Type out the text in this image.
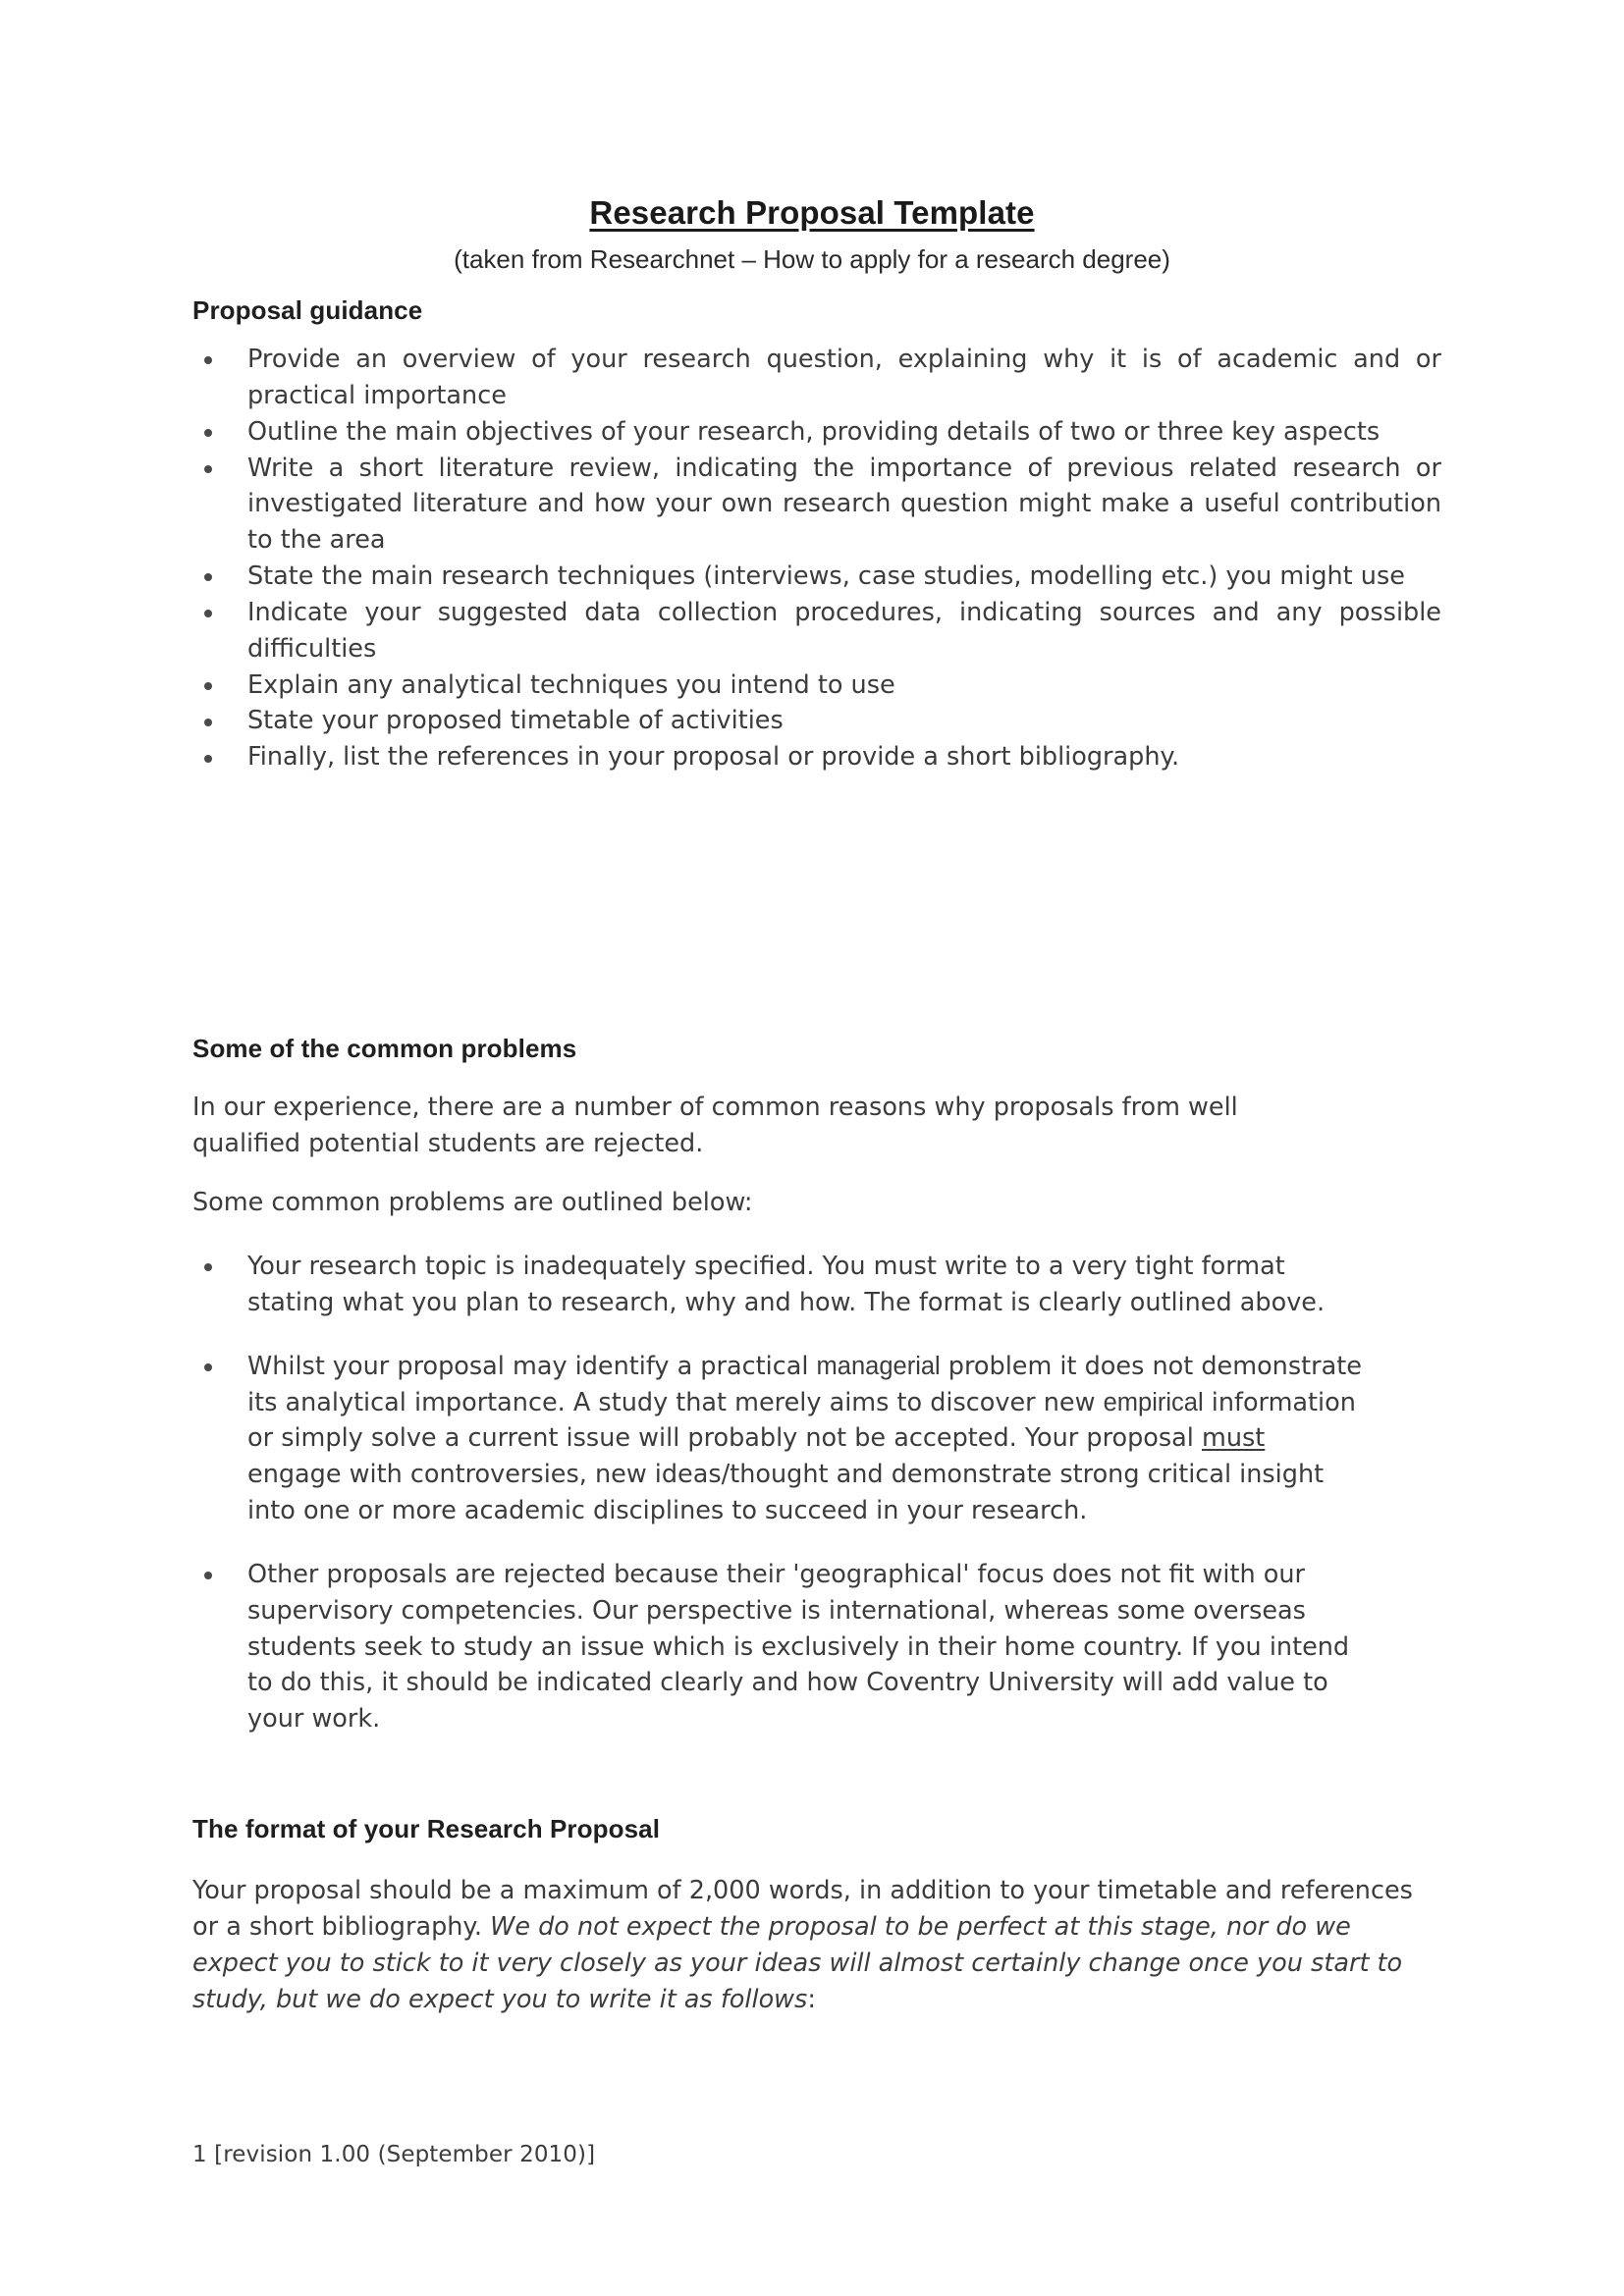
Research Proposal Template
(taken from Researchnet – How to apply for a research degree)
Proposal guidance
Provide an overview of your research question, explaining why it is of academic and or practical importance
Outline the main objectives of your research, providing details of two or three key aspects
Write a short literature review, indicating the importance of previous related research or investigated literature and how your own research question might make a useful contribution to the area
State the main research techniques (interviews, case studies, modelling etc.) you might use
Indicate your suggested data collection procedures, indicating sources and any possible difficulties
Explain any analytical techniques you intend to use
State your proposed timetable of activities
Finally, list the references in your proposal or provide a short bibliography.
Some of the common problems
In our experience, there are a number of common reasons why proposals from well qualified potential students are rejected.
Some common problems are outlined below:
Your research topic is inadequately specified. You must write to a very tight format stating what you plan to research, why and how. The format is clearly outlined above.
Whilst your proposal may identify a practical managerial problem it does not demonstrate its analytical importance. A study that merely aims to discover new empirical information or simply solve a current issue will probably not be accepted. Your proposal must engage with controversies, new ideas/thought and demonstrate strong critical insight into one or more academic disciplines to succeed in your research.
Other proposals are rejected because their 'geographical' focus does not fit with our supervisory competencies. Our perspective is international, whereas some overseas students seek to study an issue which is exclusively in their home country. If you intend to do this, it should be indicated clearly and how Coventry University will add value to your work.
The format of your Research Proposal
Your proposal should be a maximum of 2,000 words, in addition to your timetable and references or a short bibliography. We do not expect the proposal to be perfect at this stage, nor do we expect you to stick to it very closely as your ideas will almost certainly change once you start to study, but we do expect you to write it as follows:
1 [revision 1.00 (September 2010)]
